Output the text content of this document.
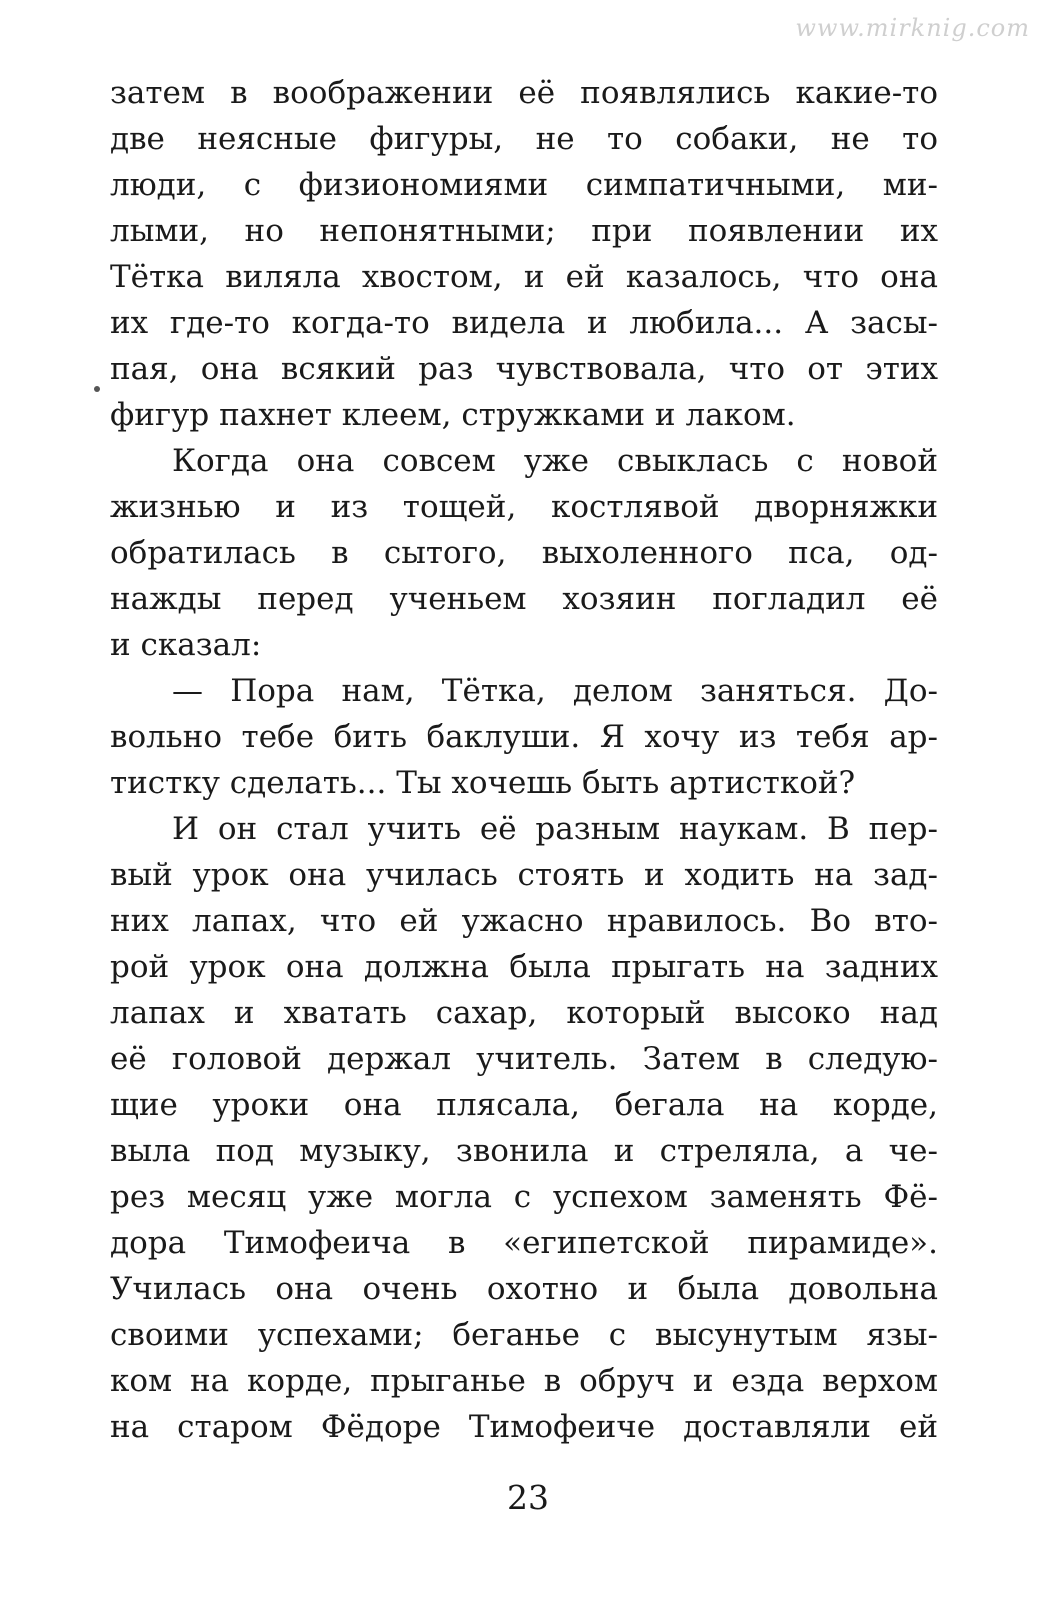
www.mirknig.com
затем в воображении её появлялись какие-то
две неясные фигуры, не то собаки, не то
люди, с физиономиями симпатичными, ми-
лыми, но непонятными; при появлении их
Тётка виляла хвостом, и ей казалось, что она
их где-то когда-то видела и любила... А засы-
пая, она всякий раз чувствовала, что от этих
фигур пахнет клеем, стружками и лаком.
Когда она совсем уже свыклась с новой
жизнью и из тощей, костлявой дворняжки
обратилась в сытого, выхоленного пса, од-
нажды перед ученьем хозяин погладил её
и сказал:
— Пора нам, Тётка, делом заняться. До-
вольно тебе бить баклуши. Я хочу из тебя ар-
тистку сделать... Ты хочешь быть артисткой?
И он стал учить её разным наукам. В пер-
вый урок она училась стоять и ходить на зад-
них лапах, что ей ужасно нравилось. Во вто-
рой урок она должна была прыгать на задних
лапах и хватать сахар, который высоко над
её головой держал учитель. Затем в следую-
щие уроки она плясала, бегала на корде,
выла под музыку, звонила и стреляла, а че-
рез месяц уже могла с успехом заменять Фё-
дора Тимофеича в «египетской пирамиде».
Училась она очень охотно и была довольна
своими успехами; беганье с высунутым язы-
ком на корде, прыганье в обруч и езда верхом
на старом Фёдоре Тимофеиче доставляли ей
23
